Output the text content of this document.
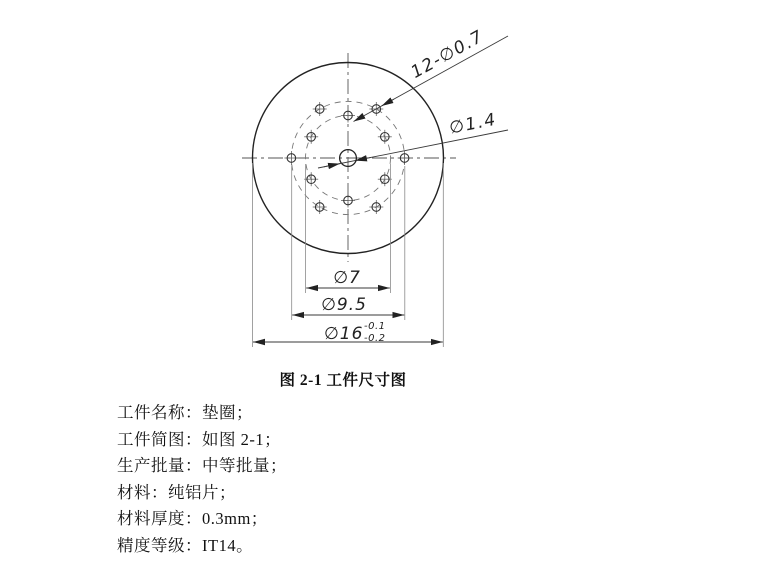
∅7
∅9.5
∅16 -0.1
-0.2
12-∅0.7
∅1.4
图 2-1 工件尺寸图
工件名称：垫圈；
工件简图：如图 2-1；
生产批量：中等批量；
材料：纯铝片；
材料厚度：0.3mm；
精度等级：IT14。
